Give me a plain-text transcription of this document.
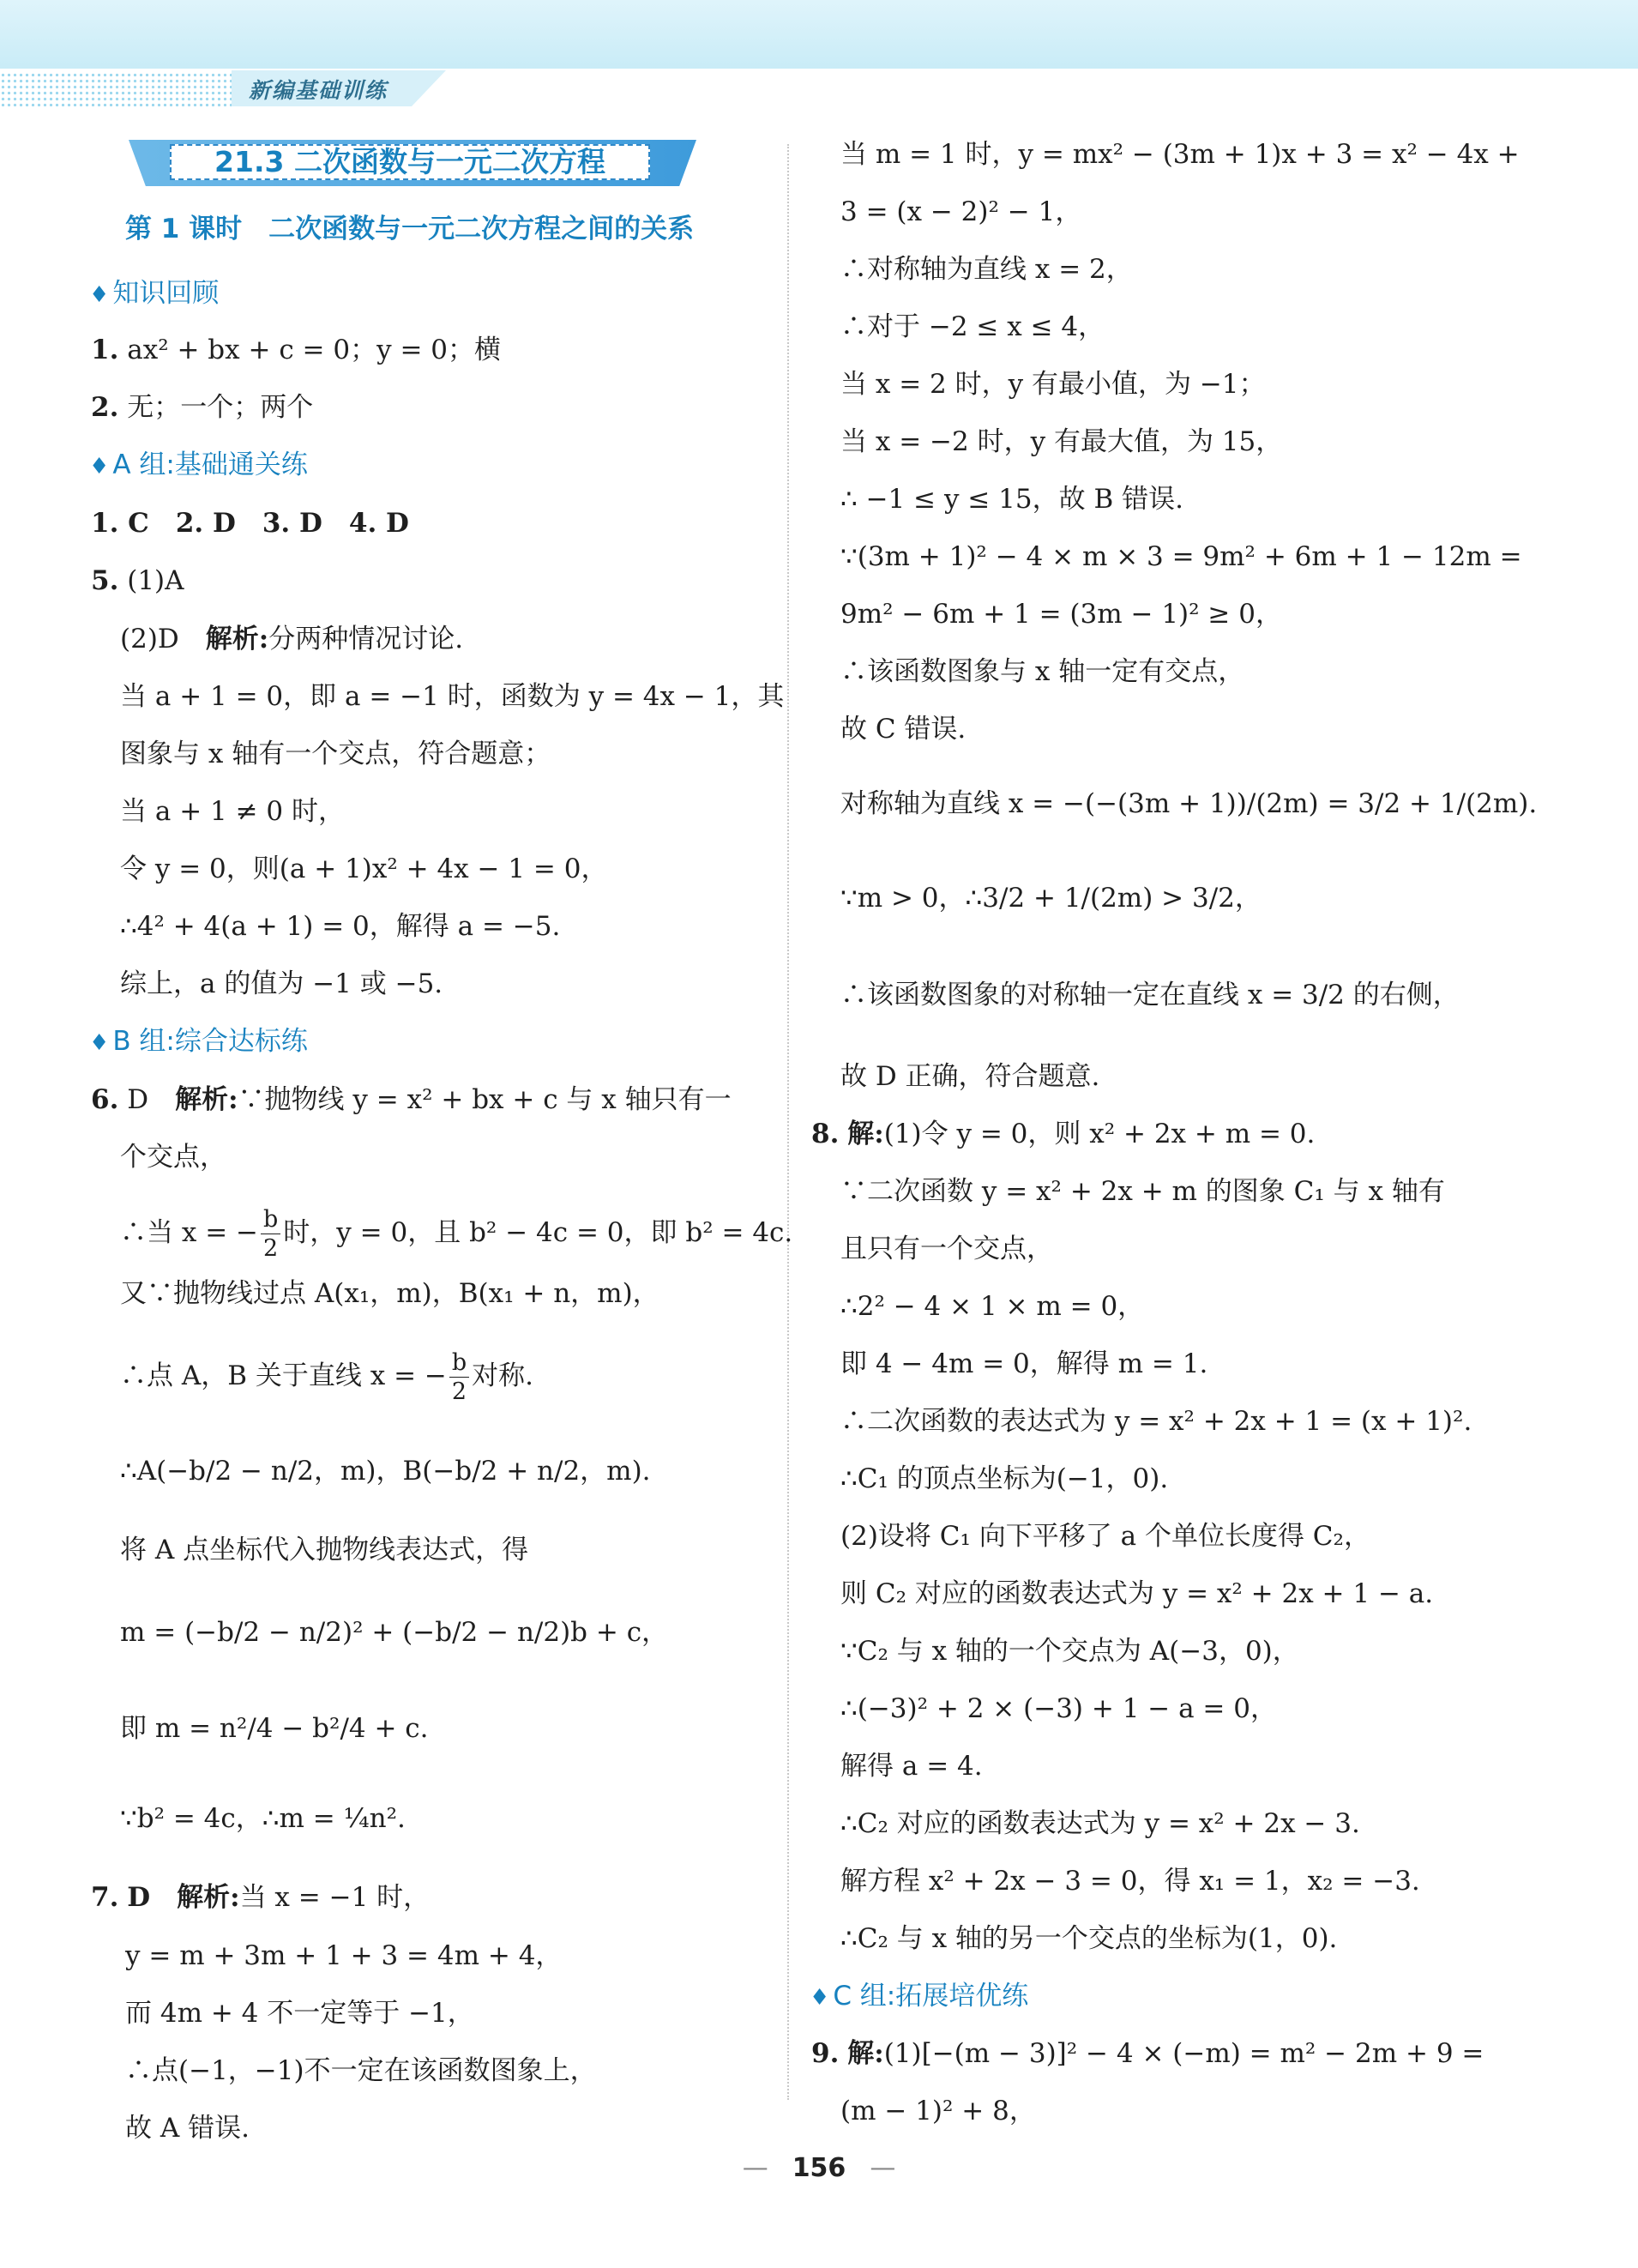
新编基础训练
21.3 二次函数与一元二次方程
第 1 课时　二次函数与一元二次方程之间的关系
♦ 知识回顾
1. ax² + bx + c = 0；y = 0；横
2. 无；一个；两个
♦ A 组:基础通关练
1. C　2. D　3. D　4. D
5. (1)A
(2)D　 解析:分两种情况讨论.
当 a + 1 = 0，即 a = −1 时，函数为 y = 4x − 1，其
图象与 x 轴有一个交点，符合题意；
当 a + 1 ≠ 0 时，
令 y = 0，则(a + 1)x² + 4x − 1 = 0，
∴4² + 4(a + 1) = 0，解得 a = −5.
综上，a 的值为 −1 或 −5.
♦ B 组:综合达标练
6. D　 解析:∵抛物线 y = x² + bx + c 与 x 轴只有一
个交点，
∴当 x = − $\frac{b}{2}$ 时，y = 0，且 b² − 4c = 0，即 b² = 4c.
又∵抛物线过点 A(x₁，m)，B(x₁ + n，m)，
∴点 A，B 关于直线 x = − $\frac{b}{2}$ 对称.
∴A(−b/2 − n/2，m)，B(−b/2 + n/2，m).
将 A 点坐标代入抛物线表达式，得
m = (−b/2 − n/2)² + (−b/2 − n/2)b + c，
即 m = n²/4 − b²/4 + c.
∵b² = 4c，∴m = ¼n².
7. D　 解析:当 x = −1 时，
y = m + 3m + 1 + 3 = 4m + 4，
而 4m + 4 不一定等于 −1，
∴点(−1，−1)不一定在该函数图象上，
故 A 错误.
当 m = 1 时，y = mx² − (3m + 1)x + 3 = x² − 4x +
3 = (x − 2)² − 1，
∴对称轴为直线 x = 2，
∴对于 −2 ≤ x ≤ 4，
当 x = 2 时，y 有最小值，为 −1；
当 x = −2 时，y 有最大值，为 15，
∴ −1 ≤ y ≤ 15，故 B 错误.
∵(3m + 1)² − 4 × m × 3 = 9m² + 6m + 1 − 12m =
9m² − 6m + 1 = (3m − 1)² ≥ 0，
∴该函数图象与 x 轴一定有交点，
故 C 错误.
对称轴为直线 x = −(−(3m + 1))/(2m) = 3/2 + 1/(2m).
∵m > 0，∴3/2 + 1/(2m) > 3/2，
∴该函数图象的对称轴一定在直线 x = 3/2 的右侧，
故 D 正确，符合题意.
8. 解:(1)令 y = 0，则 x² + 2x + m = 0.
∵二次函数 y = x² + 2x + m 的图象 C₁ 与 x 轴有
且只有一个交点，
∴2² − 4 × 1 × m = 0，
即 4 − 4m = 0，解得 m = 1.
∴二次函数的表达式为 y = x² + 2x + 1 = (x + 1)².
∴C₁ 的顶点坐标为(−1，0).
(2)设将 C₁ 向下平移了 a 个单位长度得 C₂，
则 C₂ 对应的函数表达式为 y = x² + 2x + 1 − a.
∵C₂ 与 x 轴的一个交点为 A(−3，0)，
∴(−3)² + 2 × (−3) + 1 − a = 0，
解得 a = 4.
∴C₂ 对应的函数表达式为 y = x² + 2x − 3.
解方程 x² + 2x − 3 = 0，得 x₁ = 1，x₂ = −3.
∴C₂ 与 x 轴的另一个交点的坐标为(1，0).
♦ C 组:拓展培优练
9. 解:(1)[−(m − 3)]² − 4 × (−m) = m² − 2m + 9 =
(m − 1)² + 8，
— 156 —
